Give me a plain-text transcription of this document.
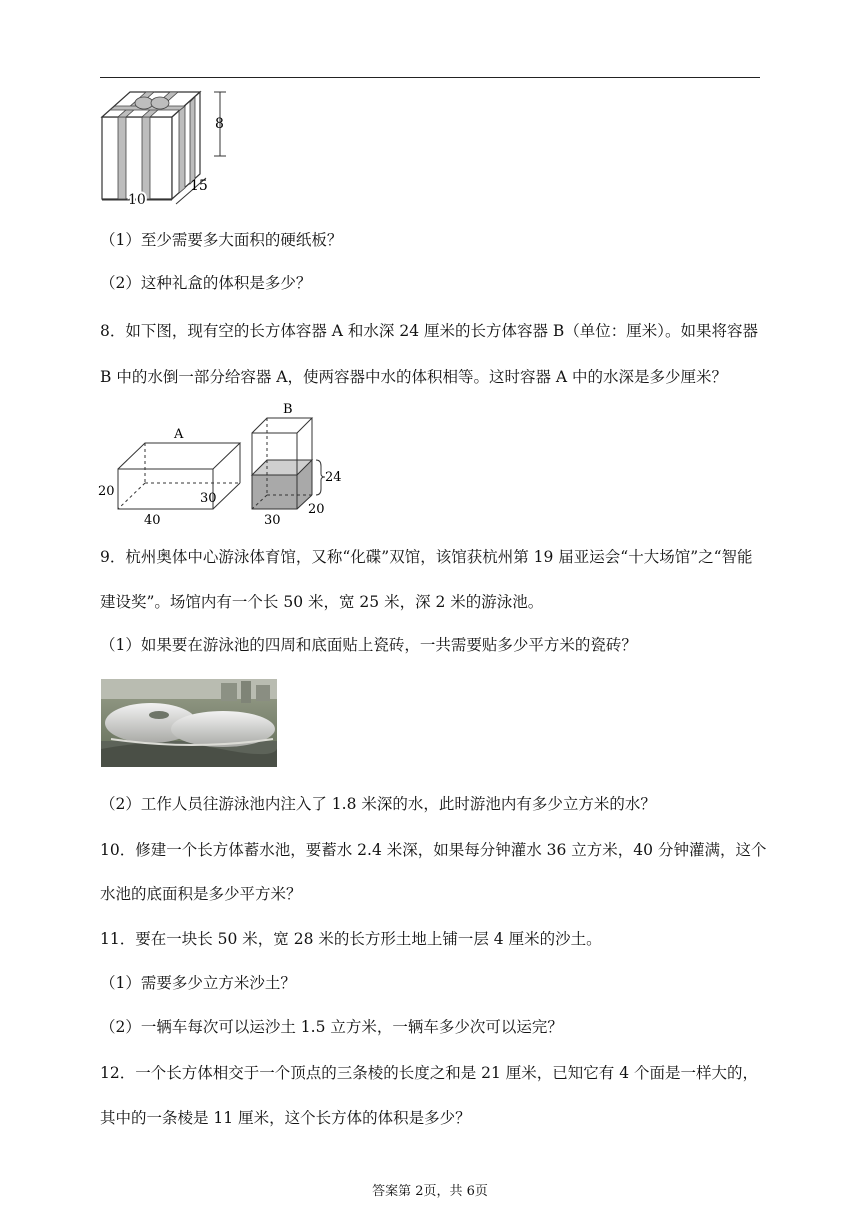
8
15
10
（1）至少需要多大面积的硬纸板？
（2）这种礼盒的体积是多少？
8．如下图，现有空的长方体容器 A 和水深 24 厘米的长方体容器 B（单位：厘米）。如果将容器
B 中的水倒一部分给容器 A，使两容器中水的体积相等。这时容器 A 中的水深是多少厘米？
A
20
40
30
B
24
20
30
9．杭州奥体中心游泳体育馆，又称“化碟”双馆，该馆获杭州第 19 届亚运会“十大场馆”之“智能
建设奖”。场馆内有一个长 50 米，宽 25 米，深 2 米的游泳池。
（1）如果要在游泳池的四周和底面贴上瓷砖，一共需要贴多少平方米的瓷砖？
（2）工作人员往游泳池内注入了 1.8 米深的水，此时游池内有多少立方米的水？
10．修建一个长方体蓄水池，要蓄水 2.4 米深，如果每分钟灌水 36 立方米，40 分钟灌满，这个
水池的底面积是多少平方米？
11．要在一块长 50 米，宽 28 米的长方形土地上铺一层 4 厘米的沙土。
（1）需要多少立方米沙土？
（2）一辆车每次可以运沙土 1.5 立方米，一辆车多少次可以运完？
12．一个长方体相交于一个顶点的三条棱的长度之和是 21 厘米，已知它有 4 个面是一样大的，
其中的一条棱是 11 厘米，这个长方体的体积是多少？
答案第 2页，共 6页
